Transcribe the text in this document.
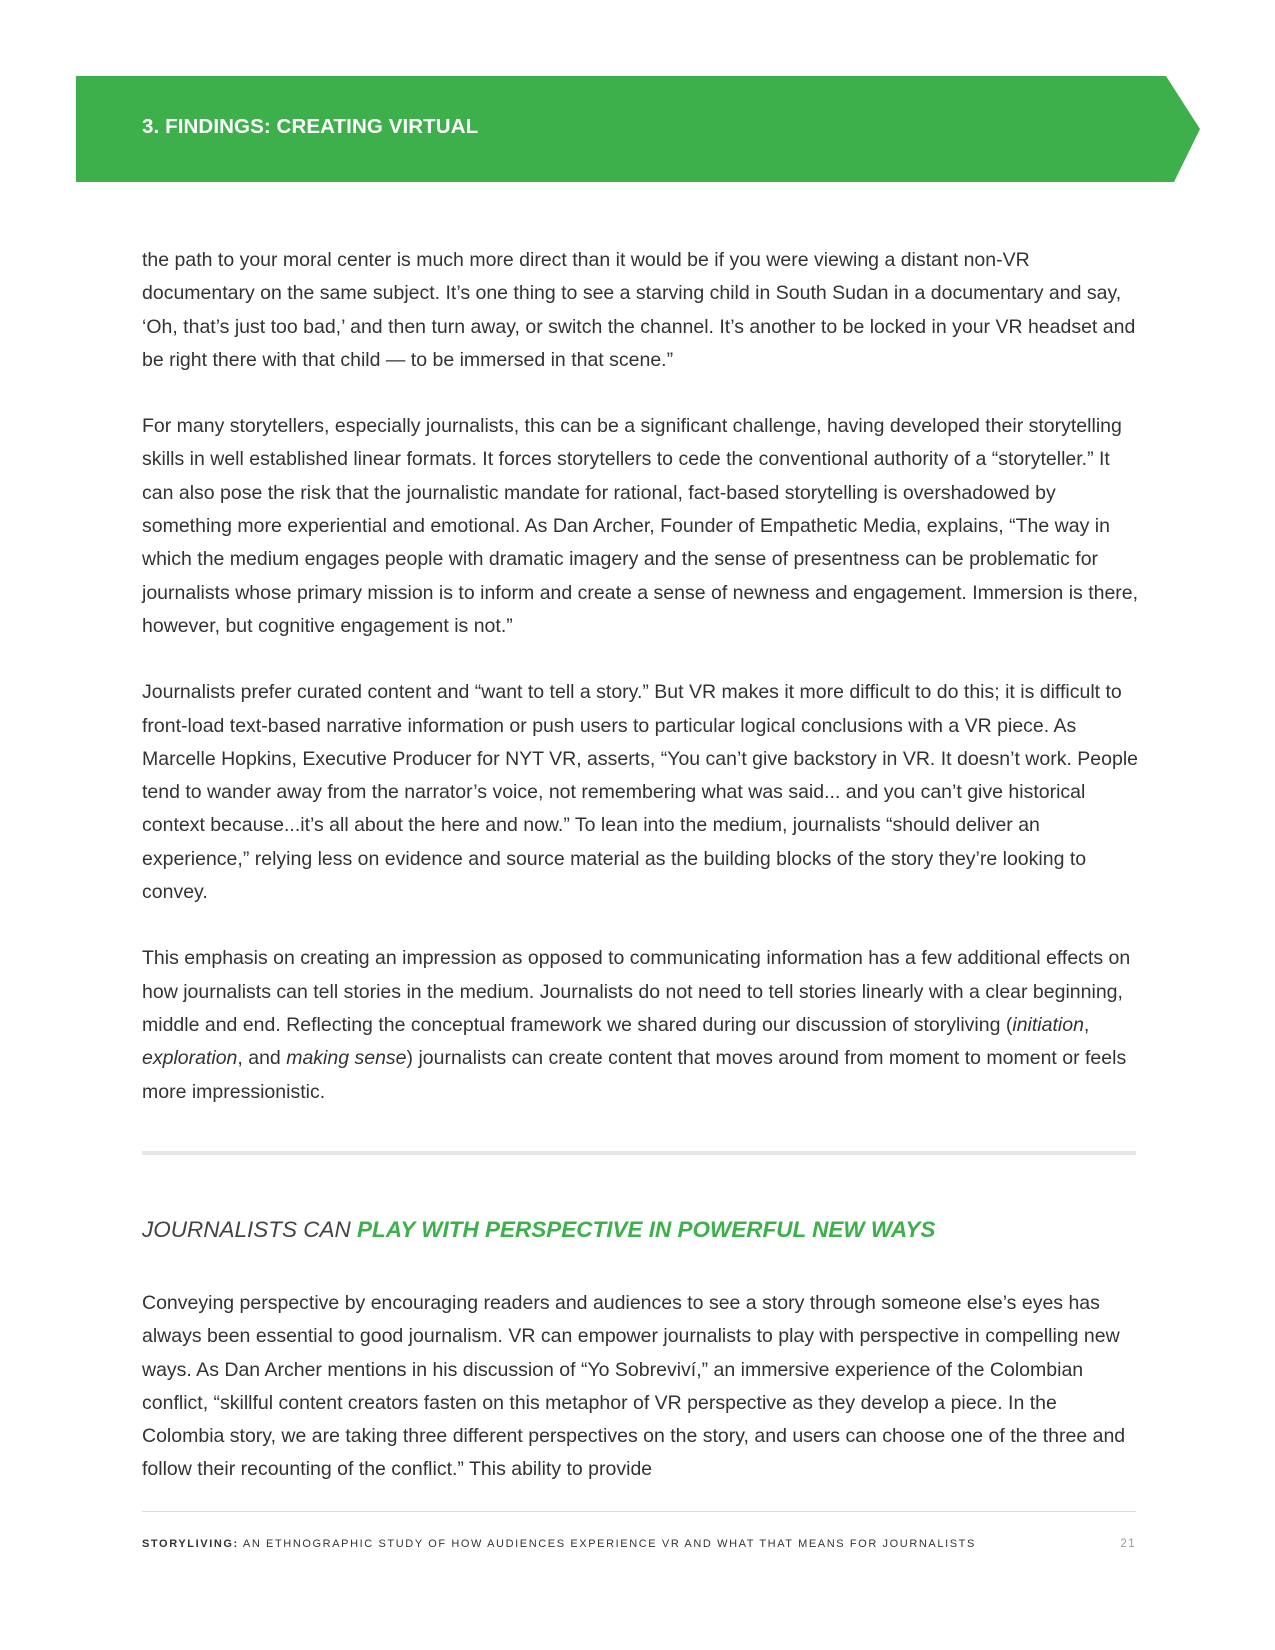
3. FINDINGS: CREATING VIRTUAL

the path to your moral center is much more direct than it would be if you were viewing a distant non-VR documentary on the same subject. It’s one thing to see a starving child in South Sudan in a documentary and say, ‘Oh, that’s just too bad,’ and then turn away, or switch the channel. It’s another to be locked in your VR headset and be right there with that child — to be immersed in that scene.”

For many storytellers, especially journalists, this can be a significant challenge, having developed their storytelling skills in well established linear formats. It forces storytellers to cede the conventional authority of a “storyteller.” It can also pose the risk that the journalistic mandate for rational, fact-based storytelling is overshadowed by something more experiential and emotional. As Dan Archer, Founder of Empathetic Media, explains, “The way in which the medium engages people with dramatic imagery and the sense of presentness can be problematic for journalists whose primary mission is to inform and create a sense of newness and engagement. Immersion is there, however, but cognitive engagement is not.”

Journalists prefer curated content and “want to tell a story.” But VR makes it more difficult to do this; it is difficult to front-load text-based narrative information or push users to particular logical conclusions with a VR piece. As Marcelle Hopkins, Executive Producer for NYT VR, asserts, “You can’t give backstory in VR. It doesn’t work. People tend to wander away from the narrator’s voice, not remembering what was said... and you can’t give historical context because...it’s all about the here and now.” To lean into the medium, journalists “should deliver an experience,” relying less on evidence and source material as the building blocks of the story they’re looking to convey.

This emphasis on creating an impression as opposed to communicating information has a few additional effects on how journalists can tell stories in the medium. Journalists do not need to tell stories linearly with a clear beginning, middle and end. Reflecting the conceptual framework we shared during our discussion of storyliving (initiation, exploration, and making sense) journalists can create content that moves around from moment to moment or feels more impressionistic.

JOURNALISTS CAN PLAY WITH PERSPECTIVE IN POWERFUL NEW WAYS

Conveying perspective by encouraging readers and audiences to see a story through someone else’s eyes has always been essential to good journalism. VR can empower journalists to play with perspective in compelling new ways. As Dan Archer mentions in his discussion of “Yo Sobreviví,” an immersive experience of the Colombian conflict, “skillful content creators fasten on this metaphor of VR perspective as they develop a piece. In the Colombia story, we are taking three different perspectives on the story, and users can choose one of the three and follow their recounting of the conflict.” This ability to provide

STORYLIVING: AN ETHNOGRAPHIC STUDY OF HOW AUDIENCES EXPERIENCE VR AND WHAT THAT MEANS FOR JOURNALISTS	21
